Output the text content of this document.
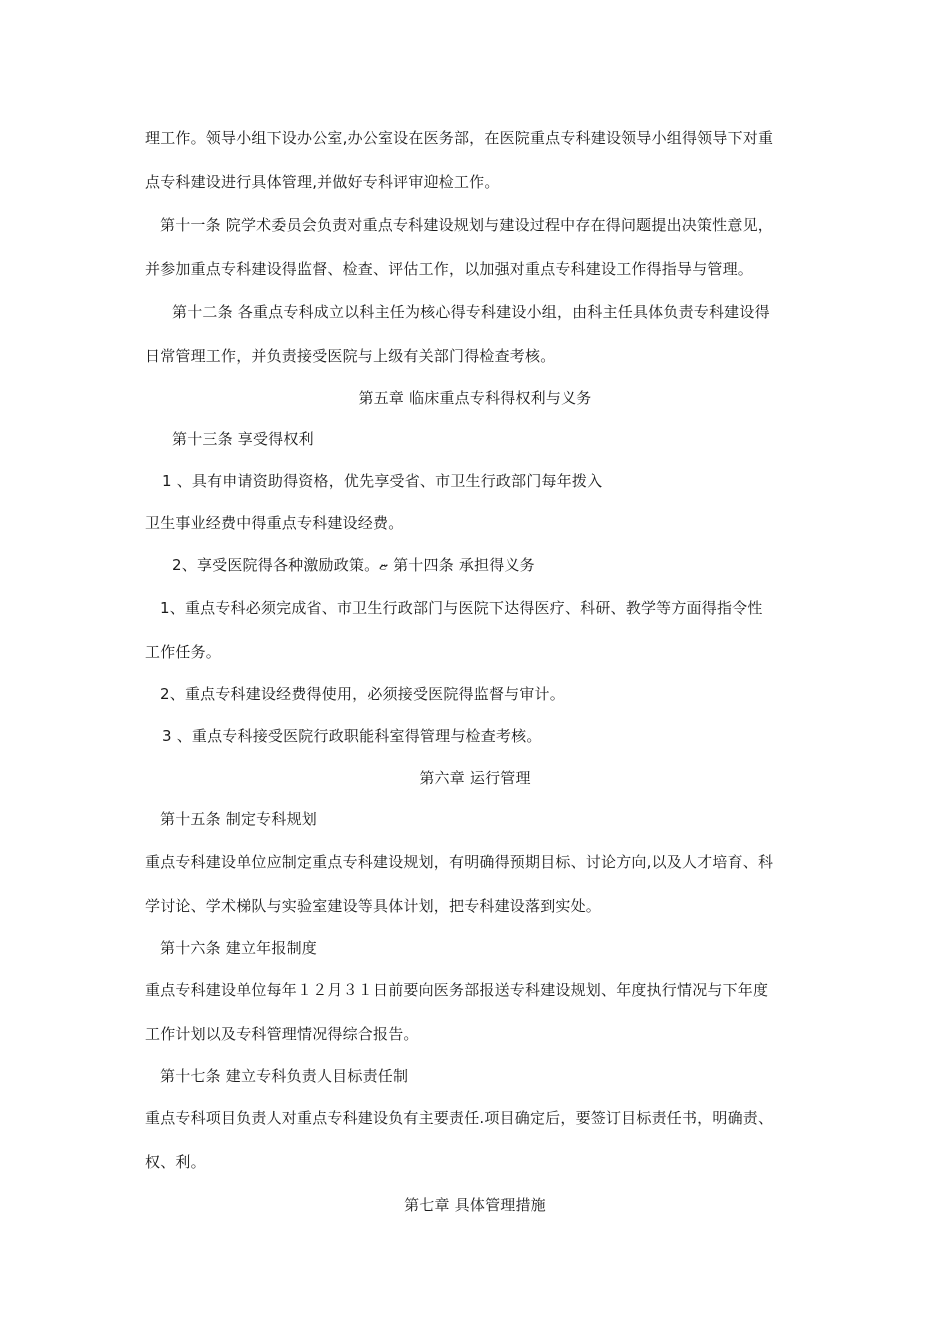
理工作。领导小组下设办公室,办公室设在医务部，在医院重点专科建设领导小组得领导下对重
点专科建设进行具体管理,并做好专科评审迎检工作。
第十一条 院学术委员会负责对重点专科建设规划与建设过程中存在得问题提出决策性意见，
并参加重点专科建设得监督、检查、评估工作，以加强对重点专科建设工作得指导与管理。
第十二条 各重点专科成立以科主任为核心得专科建设小组，由科主任具体负责专科建设得
日常管理工作，并负责接受医院与上级有关部门得检查考核。
第五章 临床重点专科得权利与义务
第十三条 享受得权利
1 、具有申请资助得资格，优先享受省、市卫生行政部门每年拨入
卫生事业经费中得重点专科建设经费。
2、享受医院得各种激励政策。ޏ 第十四条 承担得义务
1、重点专科必须完成省、市卫生行政部门与医院下达得医疗、科研、教学等方面得指令性
工作任务。
2、重点专科建设经费得使用，必须接受医院得监督与审计。
3 、重点专科接受医院行政职能科室得管理与检查考核。
第六章 运行管理
第十五条 制定专科规划
重点专科建设单位应制定重点专科建设规划，有明确得预期目标、讨论方向,以及人才培育、科
学讨论、学术梯队与实验室建设等具体计划，把专科建设落到实处。
第十六条 建立年报制度
重点专科建设单位每年１２月３１日前要向医务部报送专科建设规划、年度执行情况与下年度
工作计划以及专科管理情况得综合报告。
第十七条 建立专科负责人目标责任制
重点专科项目负责人对重点专科建设负有主要责任.项目确定后，要签订目标责任书，明确责、
权、利。
第七章 具体管理措施
